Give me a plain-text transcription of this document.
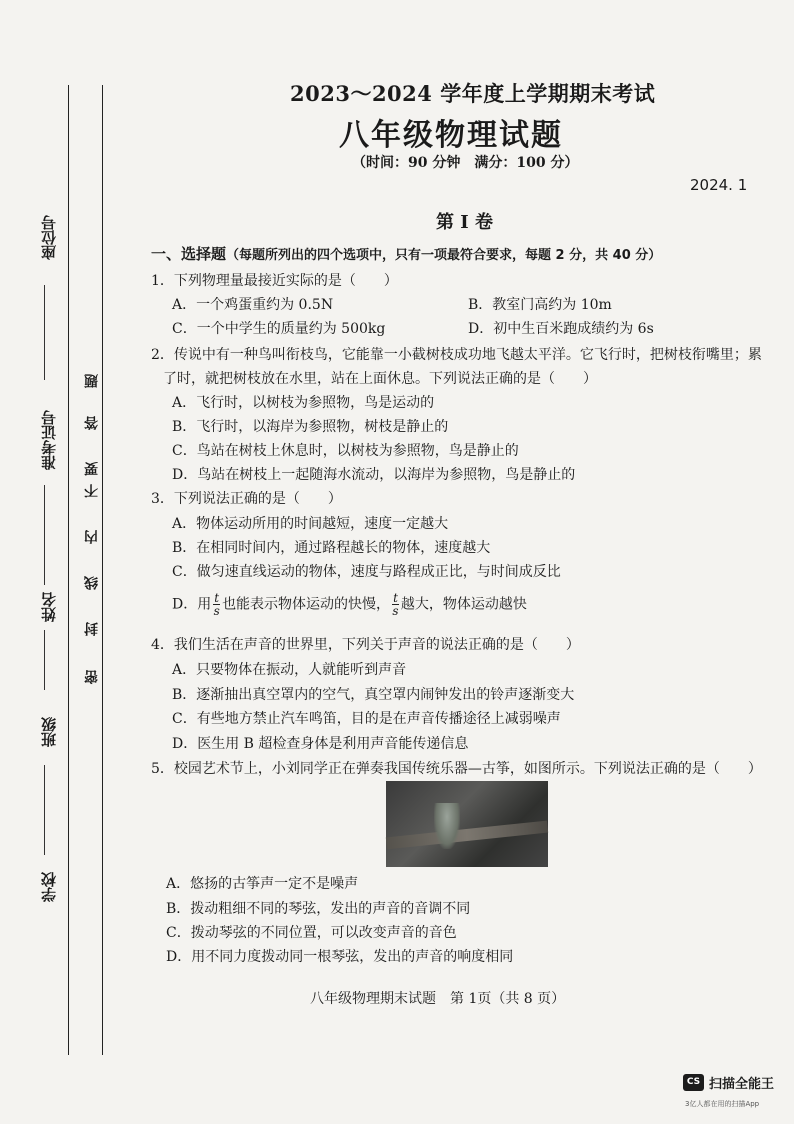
座位号
准考证号
姓名
班级
学校
密
封
线
内
不
要
答
题
2023～2024 学年度上学期期末考试
八年级物理试题
（时间：90 分钟　满分：100 分）
2024. 1
第 I 卷
一、选择题（每题所列出的四个选项中，只有一项最符合要求，每题 2 分，共 40 分）
1．下列物理量最接近实际的是（　　）
A．一个鸡蛋重约为 0.5N	B．教室门高约为 10m
C．一个中学生的质量约为 500kg	D．初中生百米跑成绩约为 6s
2．传说中有一种鸟叫衔枝鸟，它能靠一小截树枝成功地飞越太平洋。它飞行时，把树枝衔嘴里；累
了时，就把树枝放在水里，站在上面休息。下列说法正确的是（　　）
A．飞行时，以树枝为参照物，鸟是运动的
B．飞行时，以海岸为参照物，树枝是静止的
C．鸟站在树枝上休息时，以树枝为参照物，鸟是静止的
D．鸟站在树枝上一起随海水流动，以海岸为参照物，鸟是静止的
3．下列说法正确的是（　　）
A．物体运动所用的时间越短，速度一定越大
B．在相同时间内，通过路程越长的物体，速度越大
C．做匀速直线运动的物体，速度与路程成正比，与时间成反比
D．用 $\frac{t}{s}$ 也能表示物体运动的快慢， $\frac{t}{s}$ 越大，物体运动越快
4．我们生活在声音的世界里，下列关于声音的说法正确的是（　　）
A．只要物体在振动，人就能听到声音
B．逐渐抽出真空罩内的空气，真空罩内闹钟发出的铃声逐渐变大
C．有些地方禁止汽车鸣笛，目的是在声音传播途径上减弱噪声
D．医生用 B 超检查身体是利用声音能传递信息
5．校园艺术节上，小刘同学正在弹奏我国传统乐器—古筝，如图所示。下列说法正确的是（　　）
A．悠扬的古筝声一定不是噪声
B．拨动粗细不同的琴弦，发出的声音的音调不同
C．拨动琴弦的不同位置，可以改变声音的音色
D．用不同力度拨动同一根琴弦，发出的声音的响度相同
八年级物理期末试题　第 1页（共 8 页）
CS 扫描全能王
3亿人都在用的扫描App
